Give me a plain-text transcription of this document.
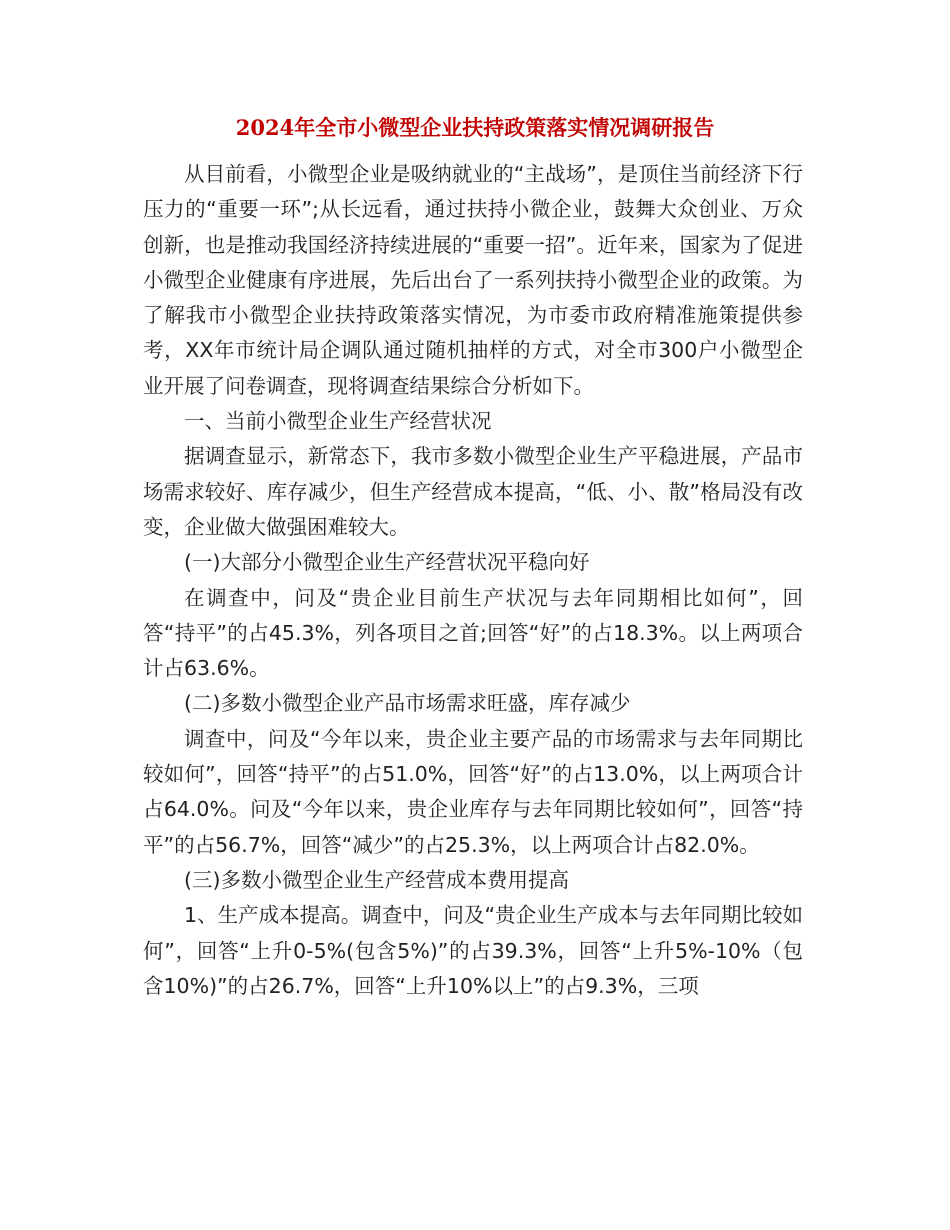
2024年全市小微型企业扶持政策落实情况调研报告

从目前看，小微型企业是吸纳就业的“主战场”，是顶住当前经济下行压力的“重要一环”;从长远看，通过扶持小微企业，鼓舞大众创业、万众创新，也是推动我国经济持续进展的“重要一招”。近年来，国家为了促进小微型企业健康有序进展，先后出台了一系列扶持小微型企业的政策。为了解我市小微型企业扶持政策落实情况，为市委市政府精准施策提供参考，XX年市统计局企调队通过随机抽样的方式，对全市300户小微型企业开展了问卷调查，现将调查结果综合分析如下。

一、当前小微型企业生产经营状况

据调查显示，新常态下，我市多数小微型企业生产平稳进展，产品市场需求较好、库存减少，但生产经营成本提高，“低、小、散”格局没有改变，企业做大做强困难较大。

(一)大部分小微型企业生产经营状况平稳向好

在调查中，问及“贵企业目前生产状况与去年同期相比如何”，回答“持平”的占45.3%，列各项目之首;回答“好”的占18.3%。以上两项合计占63.6%。

(二)多数小微型企业产品市场需求旺盛，库存减少

调查中，问及“今年以来，贵企业主要产品的市场需求与去年同期比较如何”，回答“持平”的占51.0%，回答“好”的占13.0%，以上两项合计占64.0%。问及“今年以来，贵企业库存与去年同期比较如何”，回答“持平”的占56.7%，回答“减少”的占25.3%，以上两项合计占82.0%。

(三)多数小微型企业生产经营成本费用提高

1、生产成本提高。调查中，问及“贵企业生产成本与去年同期比较如何”，回答“上升0-5%(包含5%)”的占39.3%，回答“上升5%-10%（包含10%)”的占26.7%，回答“上升10%以上”的占9.3%，三项
